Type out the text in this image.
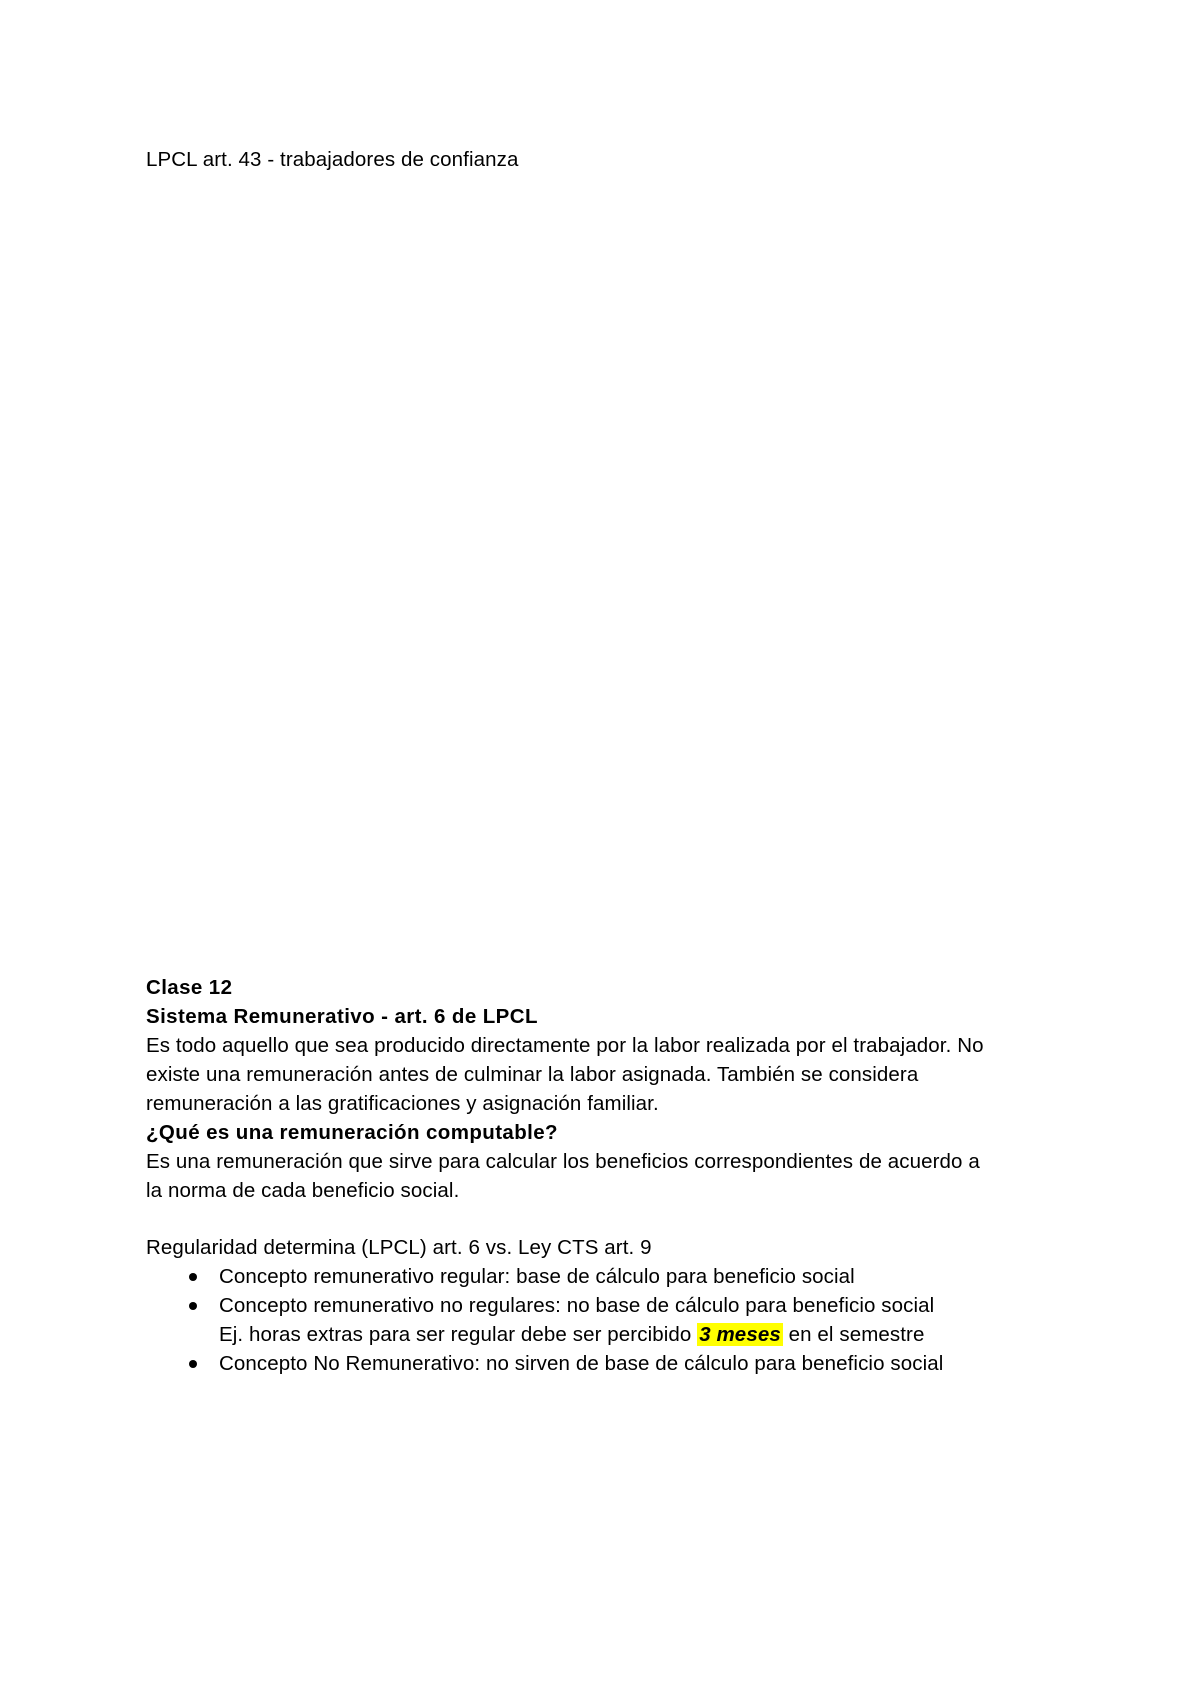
LPCL art. 43 - trabajadores de confianza
Clase 12
Sistema Remunerativo - art. 6 de LPCL
Es todo aquello que sea producido directamente por la labor realizada por el trabajador. No
existe una remuneración antes de culminar la labor asignada. También se considera
remuneración a las gratificaciones y asignación familiar.
¿Qué es una remuneración computable?
Es una remuneración que sirve para calcular los beneficios correspondientes de acuerdo a
la norma de cada beneficio social.
Regularidad determina (LPCL) art. 6 vs. Ley CTS art. 9
Concepto remunerativo regular: base de cálculo para beneficio social
Concepto remunerativo no regulares: no base de cálculo para beneficio social
Ej. horas extras para ser regular debe ser percibido 3 meses en el semestre
Concepto No Remunerativo: no sirven de base de cálculo para beneficio social
